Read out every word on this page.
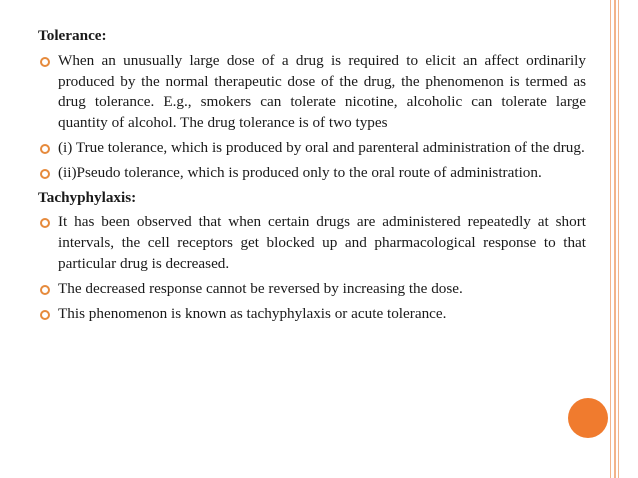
Tolerance:
When an unusually large dose of a drug is required to elicit an affect ordinarily produced by the normal therapeutic dose of the drug, the phenomenon is termed as drug tolerance. E.g., smokers can tolerate nicotine, alcoholic can tolerate large quantity of alcohol. The drug tolerance is of two types
(i) True tolerance, which is produced by oral and parenteral administration of the drug.
(ii)Pseudo tolerance, which is produced only to the oral route of administration.
Tachyphylaxis:
It has been observed that when certain drugs are administered repeatedly at short intervals, the cell receptors get blocked up and pharmacological response to that particular drug is decreased.
The decreased response cannot be reversed by increasing the dose.
This phenomenon is known as tachyphylaxis or acute tolerance.
